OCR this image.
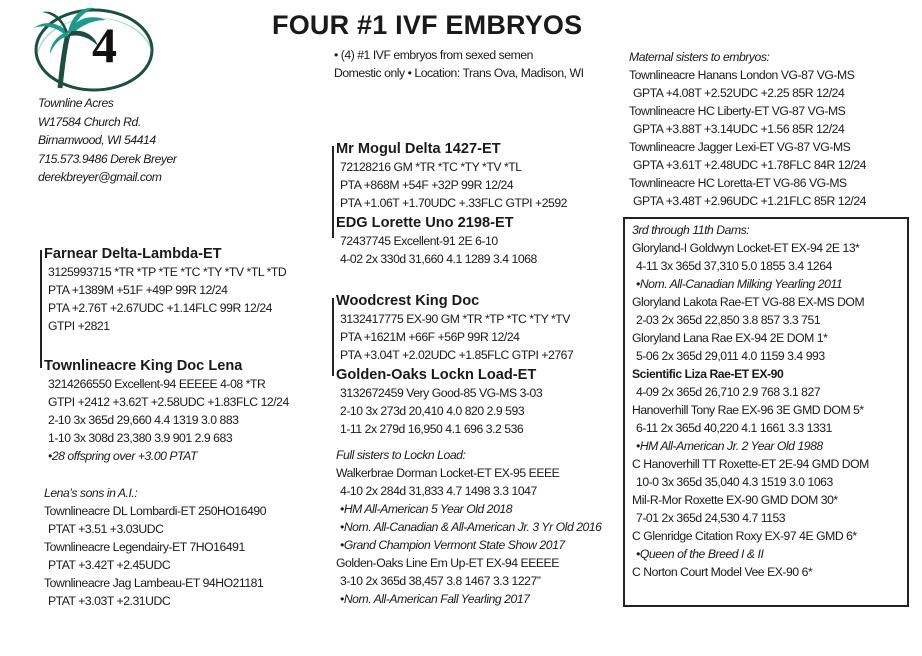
4	FOUR #1 IVF EMBRYOS
Townline Acres
W17584 Church Rd.
Birnamwood, WI 54414
715.573.9486 Derek Breyer
derekbreyer@gmail.com
• (4) #1 IVF embryos from sexed semen
Domestic only • Location: Trans Ova, Madison, WI
Farnear Delta-Lambda-ET
3125993715 *TR *TP *TE *TC *TY *TV *TL *TD
PTA +1389M +51F +49P 99R 12/24
PTA +2.76T +2.67UDC +1.14FLC 99R 12/24
GTPI +2821
Townlineacre King Doc Lena
3214266550 Excellent-94 EEEEE 4-08 *TR
GTPI +2412 +3.62T +2.58UDC +1.83FLC 12/24
2-10 3x 365d 29,660 4.4 1319 3.0 883
1-10 3x 308d 23,380 3.9 901 2.9 683
•28 offspring over +3.00 PTAT
Lena’s sons in A.I.:
Townlineacre DL Lombardi-ET 250HO16490
PTAT +3.51 +3.03UDC
Townlineacre Legendairy-ET 7HO16491
PTAT +3.42T +2.45UDC
Townlineacre Jag Lambeau-ET 94HO21181
PTAT +3.03T +2.31UDC
Mr Mogul Delta 1427-ET
72128216 GM *TR *TC *TY *TV *TL
PTA +868M +54F +32P 99R 12/24
PTA +1.06T +1.70UDC +.33FLC GTPI +2592
EDG Lorette Uno 2198-ET
72437745 Excellent-91 2E 6-10
4-02 2x 330d 31,660 4.1 1289 3.4 1068
Woodcrest King Doc
3132417775 EX-90 GM *TR *TP *TC *TY *TV
PTA +1621M +66F +56P 99R 12/24
PTA +3.04T +2.02UDC +1.85FLC GTPI +2767
Golden-Oaks Lockn Load-ET
3132672459 Very Good-85 VG-MS 3-03
2-10 3x 273d 20,410 4.0 820 2.9 593
1-11 2x 279d 16,950 4.1 696 3.2 536
Full sisters to Lockn Load:
Walkerbrae Dorman Locket-ET EX-95 EEEE
4-10 2x 284d 31,833 4.7 1498 3.3 1047
•HM All-American 5 Year Old 2018
•Nom. All-Canadian & All-American Jr. 3 Yr Old 2016
•Grand Champion Vermont State Show 2017
Golden-Oaks Line Em Up-ET EX-94 EEEEE
3-10 2x 365d 38,457 3.8 1467 3.3 1227”
•Nom. All-American Fall Yearling 2017
Maternal sisters to embryos:
Townlineacre Hanans London VG-87 VG-MS
GPTA +4.08T +2.52UDC +2.25 85R 12/24
Townlineacre HC Liberty-ET VG-87 VG-MS
GPTA +3.88T +3.14UDC +1.56 85R 12/24
Townlineacre Jagger Lexi-ET VG-87 VG-MS
GPTA +3.61T +2.48UDC +1.78FLC 84R 12/24
Townlineacre HC Loretta-ET VG-86 VG-MS
GPTA +3.48T +2.96UDC +1.21FLC 85R 12/24
3rd through 11th Dams:
Gloryland-I Goldwyn Locket-ET EX-94 2E 13*
4-11 3x 365d 37,310 5.0 1855 3.4 1264
•Nom. All-Canadian Milking Yearling 2011
Gloryland Lakota Rae-ET VG-88 EX-MS DOM
2-03 2x 365d 22,850 3.8 857 3.3 751
Gloryland Lana Rae EX-94 2E DOM 1*
5-06 2x 365d 29,011 4.0 1159 3.4 993
Scientific Liza Rae-ET EX-90
4-09 2x 365d 26,710 2.9 768 3.1 827
Hanoverhill Tony Rae EX-96 3E GMD DOM 5*
6-11 2x 365d 40,220 4.1 1661 3.3 1331
•HM All-American Jr. 2 Year Old 1988
C Hanoverhill TT Roxette-ET 2E-94 GMD DOM
10-0 3x 365d 35,040 4.3 1519 3.0 1063
Mil-R-Mor Roxette EX-90 GMD DOM 30*
7-01 2x 365d 24,530 4.7 1153
C Glenridge Citation Roxy EX-97 4E GMD 6*
•Queen of the Breed I & II
C Norton Court Model Vee EX-90 6*
